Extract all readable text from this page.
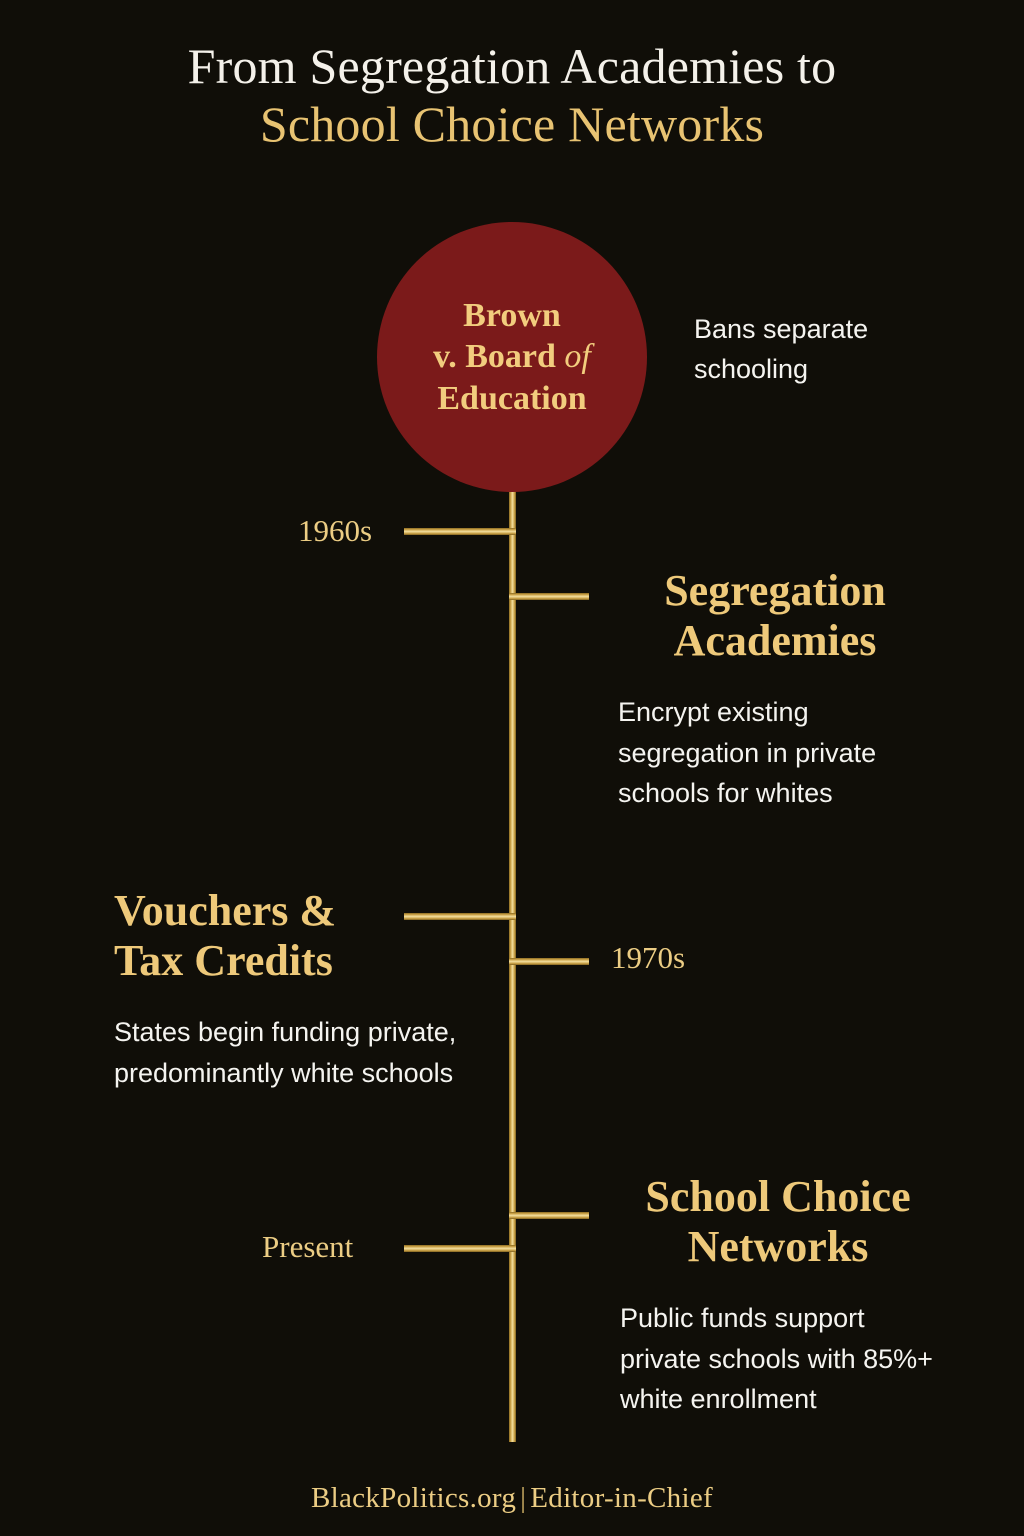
From Segregation Academies to
School Choice Networks
Brown
v. Board of
Education
Bans separate schooling
1960s
1970s
Present
Segregation
Academies
Encrypt existing segregation in private schools for whites
Vouchers &
Tax Credits
States begin funding private, predominantly white schools
School Choice
Networks
Public funds support private schools with 85%+ white enrollment
BlackPolitics.org | Editor-in-Chief
